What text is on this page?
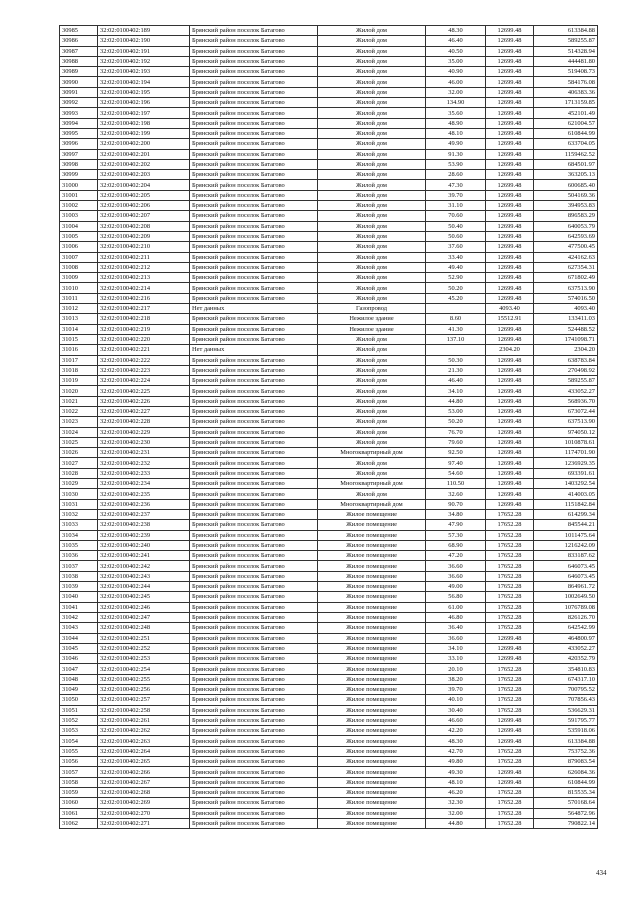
30985	32:02:0100402:189	Брянский район поселок Батагово	Жилой дом	48.30	12699.48	613384.88
30986	32:02:0100402:190	Брянский район поселок Батагово	Жилой дом	46.40	12699.48	589255.87
30987	32:02:0100402:191	Брянский район поселок Батагово	Жилой дом	40.50	12699.48	514328.94
30988	32:02:0100402:192	Брянский район поселок Батагово	Жилой дом	35.00	12699.48	444481.80
30989	32:02:0100402:193	Брянский район поселок Батагово	Жилой дом	40.90	12699.48	519408.73
30990	32:02:0100402:194	Брянский район поселок Батагово	Жилой дом	46.00	12699.48	584176.08
30991	32:02:0100402:195	Брянский район поселок Батагово	Жилой дом	32.00	12699.48	406383.36
30992	32:02:0100402:196	Брянский район поселок Батагово	Жилой дом	134.90	12699.48	1713159.85
30993	32:02:0100402:197	Брянский район поселок Батагово	Жилой дом	35.60	12699.48	452101.49
30994	32:02:0100402:198	Брянский район поселок Батагово	Жилой дом	48.90	12699.48	621004.57
30995	32:02:0100402:199	Брянский район поселок Батагово	Жилой дом	48.10	12699.48	610844.99
30996	32:02:0100402:200	Брянский район поселок Батагово	Жилой дом	49.90	12699.48	633704.05
30997	32:02:0100402:201	Брянский район поселок Батагово	Жилой дом	91.30	12699.48	1159462.52
30998	32:02:0100402:202	Брянский район поселок Батагово	Жилой дом	53.90	12699.48	684501.97
30999	32:02:0100402:203	Брянский район поселок Батагово	Жилой дом	28.60	12699.48	363205.13
31000	32:02:0100402:204	Брянский район поселок Батагово	Жилой дом	47.30	12699.48	600685.40
31001	32:02:0100402:205	Брянский район поселок Батагово	Жилой дом	39.70	12699.48	504169.36
31002	32:02:0100402:206	Брянский район поселок Батагово	Жилой дом	31.10	12699.48	394953.83
31003	32:02:0100402:207	Брянский район поселок Батагово	Жилой дом	70.60	12699.48	896583.29
31004	32:02:0100402:208	Брянский район поселок Батагово	Жилой дом	50.40	12699.48	640053.79
31005	32:02:0100402:209	Брянский район поселок Батагово	Жилой дом	50.60	12699.48	642593.69
31006	32:02:0100402:210	Брянский район поселок Батагово	Жилой дом	37.60	12699.48	477500.45
31007	32:02:0100402:211	Брянский район поселок Батагово	Жилой дом	33.40	12699.48	424162.63
31008	32:02:0100402:212	Брянский район поселок Батагово	Жилой дом	49.40	12699.48	627354.31
31009	32:02:0100402:213	Брянский район поселок Батагово	Жилой дом	52.90	12699.48	671802.49
31010	32:02:0100402:214	Брянский район поселок Батагово	Жилой дом	50.20	12699.48	637513.90
31011	32:02:0100402:216	Брянский район поселок Батагово	Жилой дом	45.20	12699.48	574016.50
31012	32:02:0100402:217	Нет данных	Газопровод		4093.40	4093.40
31013	32:02:0100402:218	Брянский район поселок Батагово	Нежилое здание	8.60	15512.91	133411.03
31014	32:02:0100402:219	Брянский район поселок Батагово	Нежилое здание	41.30	12699.48	524488.52
31015	32:02:0100402:220	Брянский район поселок Батагово	Жилой дом	137.10	12699.48	1741098.71
31016	32:02:0100402:221	Нет данных	Жилой дом		2304.20	2304.20
31017	32:02:0100402:222	Брянский район поселок Батагово	Жилой дом	50.30	12699.48	638783.84
31018	32:02:0100402:223	Брянский район поселок Батагово	Жилой дом	21.30	12699.48	270498.92
31019	32:02:0100402:224	Брянский район поселок Батагово	Жилой дом	46.40	12699.48	589255.87
31020	32:02:0100402:225	Брянский район поселок Батагово	Жилой дом	34.10	12699.48	433052.27
31021	32:02:0100402:226	Брянский район поселок Батагово	Жилой дом	44.80	12699.48	568936.70
31022	32:02:0100402:227	Брянский район поселок Батагово	Жилой дом	53.00	12699.48	673072.44
31023	32:02:0100402:228	Брянский район поселок Батагово	Жилой дом	50.20	12699.48	637513.90
31024	32:02:0100402:229	Брянский район поселок Батагово	Жилой дом	76.70	12699.48	974050.12
31025	32:02:0100402:230	Брянский район поселок Батагово	Жилой дом	79.60	12699.48	1010878.61
31026	32:02:0100402:231	Брянский район поселок Батагово	Многоквартирный дом	92.50	12699.48	1174701.90
31027	32:02:0100402:232	Брянский район поселок Батагово	Жилой дом	97.40	12699.48	1236929.35
31028	32:02:0100402:233	Брянский район поселок Батагово	Жилой дом	54.60	12699.48	693391.61
31029	32:02:0100402:234	Брянский район поселок Батагово	Многоквартирный дом	110.50	12699.48	1403292.54
31030	32:02:0100402:235	Брянский район поселок Батагово	Жилой дом	32.60	12699.48	414003.05
31031	32:02:0100402:236	Брянский район поселок Батагово	Многоквартирный дом	90.70	12699.48	1151842.84
31032	32:02:0100402:237	Брянский район поселок Батагово	Жилое помещение	34.80	17652.28	614299.34
31033	32:02:0100402:238	Брянский район поселок Батагово	Жилое помещение	47.90	17652.28	845544.21
31034	32:02:0100402:239	Брянский район поселок Батагово	Жилое помещение	57.30	17652.28	1011475.64
31035	32:02:0100402:240	Брянский район поселок Батагово	Жилое помещение	68.90	17652.28	1216242.09
31036	32:02:0100402:241	Брянский район поселок Батагово	Жилое помещение	47.20	17652.28	833187.62
31037	32:02:0100402:242	Брянский район поселок Батагово	Жилое помещение	36.60	17652.28	646073.45
31038	32:02:0100402:243	Брянский район поселок Батагово	Жилое помещение	36.60	17652.28	646073.45
31039	32:02:0100402:244	Брянский район поселок Батагово	Жилое помещение	49.00	17652.28	864961.72
31040	32:02:0100402:245	Брянский район поселок Батагово	Жилое помещение	56.80	17652.28	1002649.50
31041	32:02:0100402:246	Брянский район поселок Батагово	Жилое помещение	61.00	17652.28	1076789.08
31042	32:02:0100402:247	Брянский район поселок Батагово	Жилое помещение	46.80	17652.28	826126.70
31043	32:02:0100402:248	Брянский район поселок Батагово	Жилое помещение	36.40	17652.28	642542.99
31044	32:02:0100402:251	Брянский район поселок Батагово	Жилое помещение	36.60	12699.48	464800.97
31045	32:02:0100402:252	Брянский район поселок Батагово	Жилое помещение	34.10	12699.48	433052.27
31046	32:02:0100402:253	Брянский район поселок Батагово	Жилое помещение	33.10	12699.48	420352.79
31047	32:02:0100402:254	Брянский район поселок Батагово	Жилое помещение	20.10	17652.28	354810.83
31048	32:02:0100402:255	Брянский район поселок Батагово	Жилое помещение	38.20	17652.28	674317.10
31049	32:02:0100402:256	Брянский район поселок Батагово	Жилое помещение	39.70	17652.28	700795.52
31050	32:02:0100402:257	Брянский район поселок Батагово	Жилое помещение	40.10	17652.28	707856.43
31051	32:02:0100402:258	Брянский район поселок Батагово	Жилое помещение	30.40	17652.28	536629.31
31052	32:02:0100402:261	Брянский район поселок Батагово	Жилое помещение	46.60	12699.48	591795.77
31053	32:02:0100402:262	Брянский район поселок Батагово	Жилое помещение	42.20	12699.48	535918.06
31054	32:02:0100402:263	Брянский район поселок Батагово	Жилое помещение	48.30	12699.48	613384.88
31055	32:02:0100402:264	Брянский район поселок Батагово	Жилое помещение	42.70	17652.28	753752.36
31056	32:02:0100402:265	Брянский район поселок Батагово	Жилое помещение	49.80	17652.28	879083.54
31057	32:02:0100402:266	Брянский район поселок Батагово	Жилое помещение	49.30	12699.48	626084.36
31058	32:02:0100402:267	Брянский район поселок Батагово	Жилое помещение	48.10	12699.48	610844.99
31059	32:02:0100402:268	Брянский район поселок Батагово	Жилое помещение	46.20	17652.28	815535.34
31060	32:02:0100402:269	Брянский район поселок Батагово	Жилое помещение	32.30	17652.28	570168.64
31061	32:02:0100402:270	Брянский район поселок Батагово	Жилое помещение	32.00	17652.28	564872.96
31062	32:02:0100402:271	Брянский район поселок Батагово	Жилое помещение	44.80	17652.28	790822.14
434
